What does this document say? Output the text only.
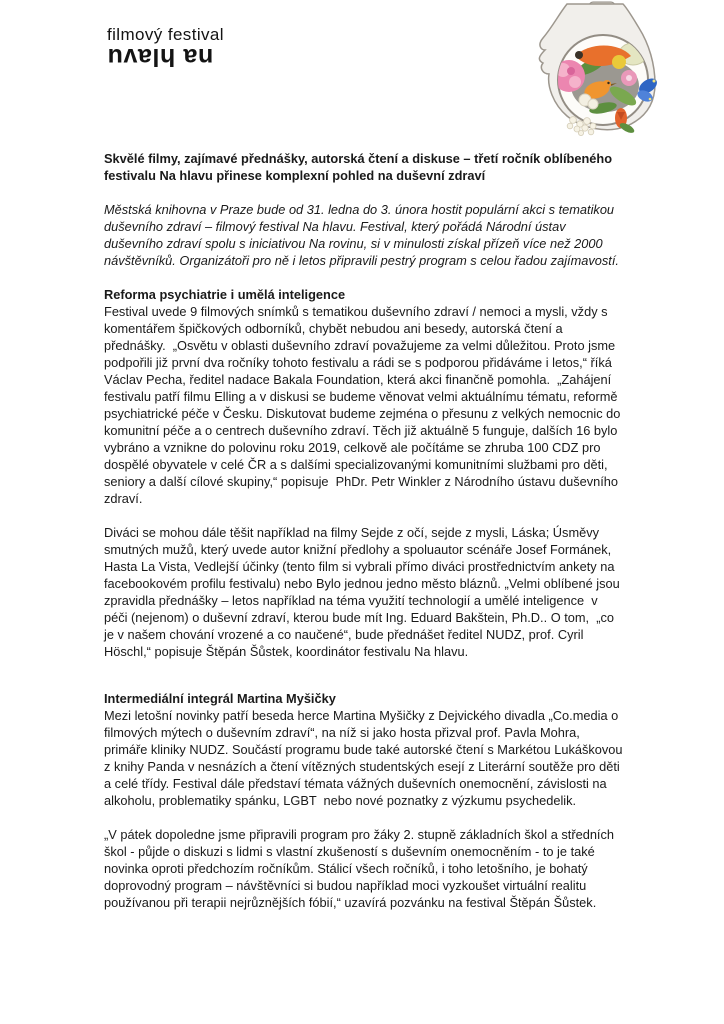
filmový festival
na hlavu

Skvělé filmy, zajímavé přednášky, autorská čtení a diskuse – třetí ročník oblíbeného festivalu Na hlavu přinese komplexní pohled na duševní zdraví

Městská knihovna v Praze bude od 31. ledna do 3. února hostit populární akci s tematikou duševního zdraví – filmový festival Na hlavu. Festival, který pořádá Národní ústav duševního zdraví spolu s iniciativou Na rovinu, si v minulosti získal přízeň více než 2000 návštěvníků. Organizátoři pro ně i letos připravili pestrý program s celou řadou zajímavostí.

Reforma psychiatrie i umělá inteligence

Festival uvede 9 filmových snímků s tematikou duševního zdraví / nemoci a mysli, vždy s komentářem špičkových odborníků, chybět nebudou ani besedy, autorská čtení a přednášky.  „Osvětu v oblasti duševního zdraví považujeme za velmi důležitou. Proto jsme podpořili již první dva ročníky tohoto festivalu a rádi se s podporou přidáváme i letos,“ říká Václav Pecha, ředitel nadace Bakala Foundation, která akci finančně pomohla.  „Zahájení festivalu patří filmu Elling a v diskusi se budeme věnovat velmi aktuálnímu tématu, reformě psychiatrické péče v Česku. Diskutovat budeme zejména o přesunu z velkých nemocnic do komunitní péče a o centrech duševního zdraví. Těch již aktuálně 5 funguje, dalších 16 bylo vybráno a vznikne do polovinu roku 2019, celkově ale počítáme se zhruba 100 CDZ pro dospělé obyvatele v celé ČR a s dalšími specializovanými komunitními službami pro děti, seniory a další cílové skupiny,“ popisuje  PhDr. Petr Winkler z Národního ústavu duševního zdraví.

Diváci se mohou dále těšit například na filmy Sejde z očí, sejde z mysli, Láska; Úsměvy smutných mužů, který uvede autor knižní předlohy a spoluautor scénáře Josef Formánek, Hasta La Vista, Vedlejší účinky (tento film si vybrali přímo diváci prostřednictvím ankety na facebookovém profilu festivalu) nebo Bylo jednou jedno město bláznů. „Velmi oblíbené jsou zpravidla přednášky – letos například na téma využití technologií a umělé inteligence  v péči (nejenom) o duševní zdraví, kterou bude mít Ing. Eduard Bakštein, Ph.D.. O tom,  „co je v našem chování vrozené a co naučené“, bude přednášet ředitel NUDZ, prof. Cyril Höschl,“ popisuje Štěpán Šůstek, koordinátor festivalu Na hlavu.

Intermediální integrál Martina Myšičky

Mezi letošní novinky patří beseda herce Martina Myšičky z Dejvického divadla „Co.media o filmových mýtech o duševním zdraví“, na níž si jako hosta přizval prof. Pavla Mohra, primáře kliniky NUDZ. Součástí programu bude také autorské čtení s Markétou Lukáškovou z knihy Panda v nesnázích a čtení vítězných studentských esejí z Literární soutěže pro děti a celé třídy. Festival dále představí témata vážných duševních onemocnění, závislosti na alkoholu, problematiky spánku, LGBT  nebo nové poznatky z výzkumu psychedelik.

„V pátek dopoledne jsme připravili program pro žáky 2. stupně základních škol a středních škol - půjde o diskuzi s lidmi s vlastní zkušeností s duševním onemocněním - to je také novinka oproti předchozím ročníkům. Stálicí všech ročníků, i toho letošního, je bohatý doprovodný program – návštěvníci si budou například moci vyzkoušet virtuální realitu používanou při terapii nejrůznějších fóbií,“ uzavírá pozvánku na festival Štěpán Šůstek.
